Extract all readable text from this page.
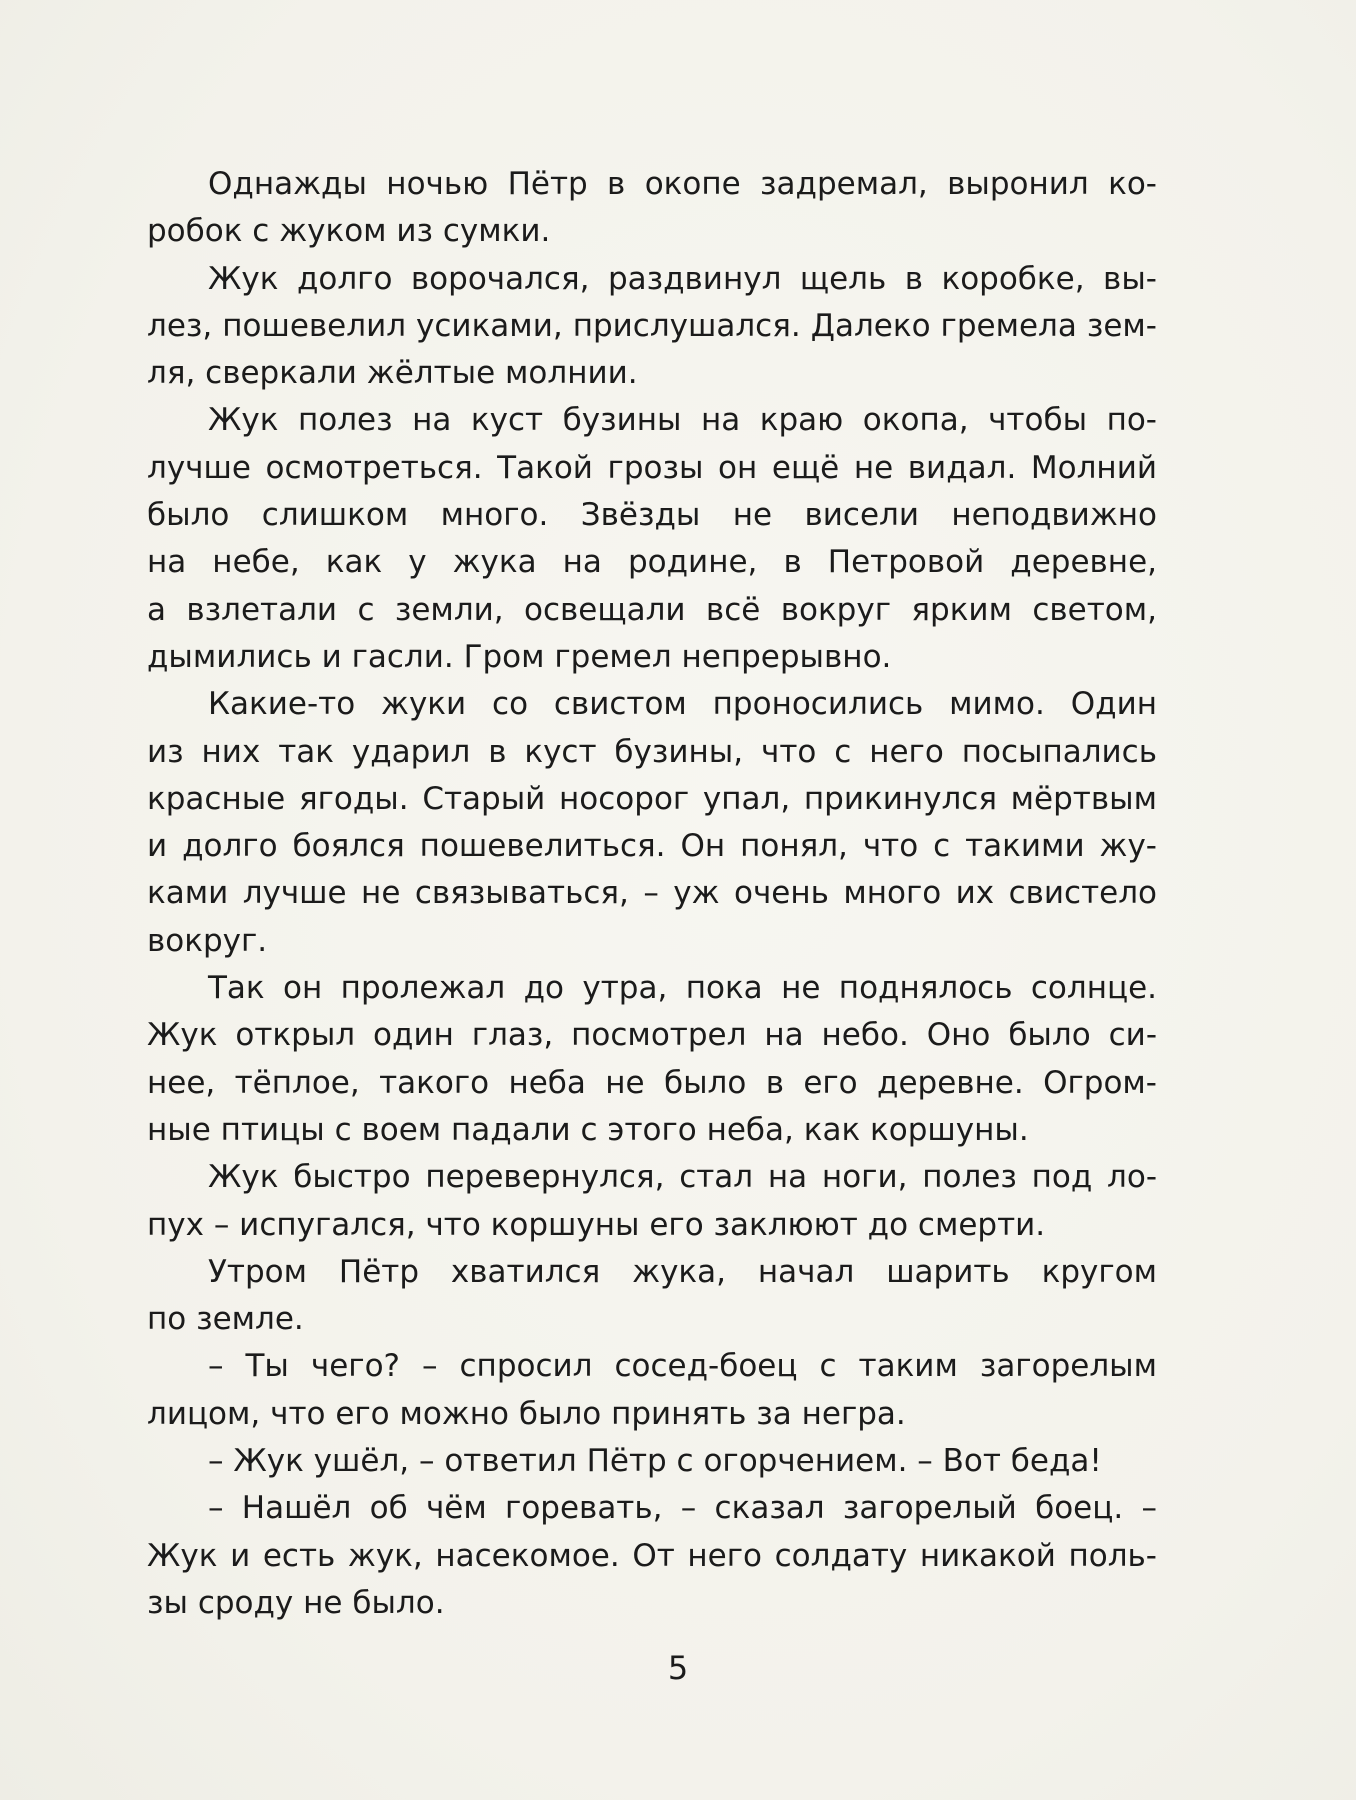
Однажды ночью Пётр в окопе задремал, выронил ко-
робок с жуком из сумки.
Жук долго ворочался, раздвинул щель в коробке, вы-
лез, пошевелил усиками, прислушался. Далеко гремела зем-
ля, сверкали жёлтые молнии.
Жук полез на куст бузины на краю окопа, чтобы по-
лучше осмотреться. Такой грозы он ещё не видал. Молний
было слишком много. Звёзды не висели неподвижно
на небе, как у жука на родине, в Петровой деревне,
а взлетали с земли, освещали всё вокруг ярким светом,
дымились и гасли. Гром гремел непрерывно.
Какие-то жуки со свистом проносились мимо. Один
из них так ударил в куст бузины, что с него посыпались
красные ягоды. Старый носорог упал, прикинулся мёртвым
и долго боялся пошевелиться. Он понял, что с такими жу-
ками лучше не связываться, – уж очень много их свистело
вокруг.
Так он пролежал до утра, пока не поднялось солнце.
Жук открыл один глаз, посмотрел на небо. Оно было си-
нее, тёплое, такого неба не было в его деревне. Огром-
ные птицы с воем падали с этого неба, как коршуны.
Жук быстро перевернулся, стал на ноги, полез под ло-
пух – испугался, что коршуны его заклюют до смерти.
Утром Пётр хватился жука, начал шарить кругом
по земле.
– Ты чего? – спросил сосед-боец с таким загорелым
лицом, что его можно было принять за негра.
– Жук ушёл, – ответил Пётр с огорчением. – Вот беда!
– Нашёл об чём горевать, – сказал загорелый боец. –
Жук и есть жук, насекомое. От него солдату никакой поль-
зы сроду не было.
5
